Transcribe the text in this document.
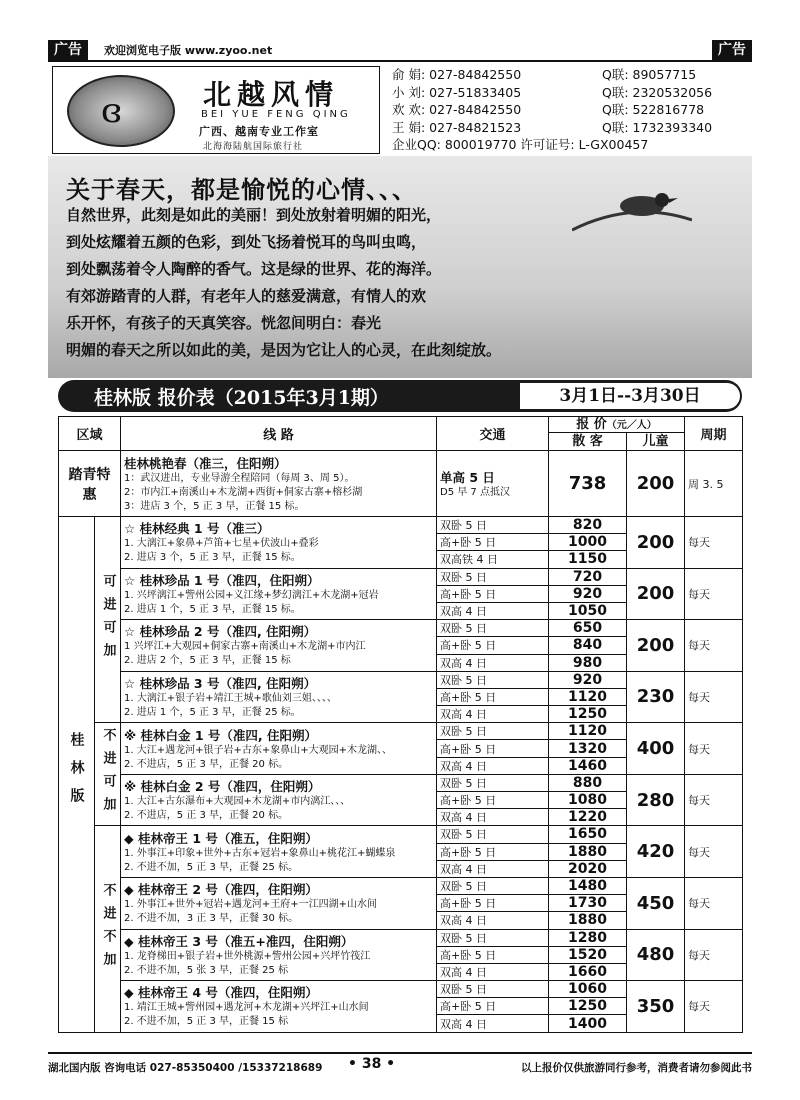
广告	欢迎浏览电子版 www.zyoo.net	广告
ɞ	北越风情
BEI YUE FENG QING
广西、越南专业工作室
北海海陆航国际旅行社
俞 娟: 027-84842550	Q联: 89057715
小 刘: 027-51833405	Q联: 2320532056
欢 欢: 027-84842550	Q联: 522816778
王 娟: 027-84821523	Q联: 1732393340
企业QQ: 800019770 许可证号: L-GX00457
关于春天，都是愉悦的心情、、、
自然世界，此刻是如此的美丽！到处放射着明媚的阳光，
到处炫耀着五颜的色彩，到处飞扬着悦耳的鸟叫虫鸣，
到处飘荡着令人陶醉的香气。这是绿的世界、花的海洋。
有郊游踏青的人群，有老年人的慈爱满意，有情人的欢
乐开怀，有孩子的天真笑容。恍忽间明白：春光
明媚的春天之所以如此的美，是因为它让人的心灵，在此刻绽放。
桂林版 报价表（2015年3月1期）	3月1日--3月30日
区域		线 路	交通	报 价（元／人）
散 客 儿童		周期
踏青特惠		桂林桃艳春（准三，住阳朔）
1：武汉进出，专业导游全程陪同（每周 3、周 5）。
2：市内江+南溪山+木龙湖+西街+侗家古寨+榕杉湖
3：进店 3 个，5 正 3 早，正餐 15 标。	单高 5 日
D5 早 7 点抵汉	738	200	周 3. 5
桂林版	可进可加	☆ 桂林经典 1 号（准三）
1. 大漓江+象鼻+芦笛+七星+伏波山+叠彩
2. 进店 3 个，5 正 3 早，正餐 15 标。	双卧 5 日	820	200	每天
			高+卧 5 日	1000		
			双高铁 4 日	1150		

		☆ 桂林珍品 1 号（准四，住阳朔）
1. 兴坪漓江+訾州公园+义江缘+梦幻漓江+木龙湖+冠岩
2. 进店 1 个，5 正 3 早，正餐 15 标。	双卧 5 日	720	200	每天
			高+卧 5 日	920		
			双高 4 日	1050		

		☆ 桂林珍品 2 号（准四, 住阳朔）
1 兴坪江+大观园+侗家古寨+南溪山+木龙湖+市内江
2. 进店 2 个，5 正 3 早，正餐 15 标	双卧 5 日	650	200	每天
			高+卧 5 日	840		
			双高 4 日	980		

		☆ 桂林珍品 3 号（准四, 住阳朔）
1. 大漓江+银子岩+靖江王城+歌仙刘三姐、、、、
2. 进店 1 个，5 正 3 早，正餐 25 标。	双卧 5 日	920	230	每天
			高+卧 5 日	1120		
			双高 4 日	1250		
	不进可加	※ 桂林白金 1 号（准四, 住阳朔）
1. 大江+遇龙河+银子岩+古东+象鼻山+大观园+木龙湖、、
2. 不进店，5 正 3 早，正餐 20 标。	双卧 5 日	1120	400	每天
			高+卧 5 日	1320		
			双高 4 日	1460		

		※ 桂林白金 2 号（准四，住阳朔）
1. 大江+古东瀑布+大观园+木龙湖+市内漓江、、、
2. 不进店，5 正 3 早，正餐 20 标。	双卧 5 日	880	280	每天
			高+卧 5 日	1080		
			双高 4 日	1220		
	不进不加	◆ 桂林帝王 1 号（准五，住阳朔）
1. 外事江+印象+世外+古东+冠岩+象鼻山+桃花江+蝴蝶泉
2. 不进不加，5 正 3 早，正餐 25 标。	双卧 5 日	1650	420	每天
			高+卧 5 日	1880		
			双高 4 日	2020		

		◆ 桂林帝王 2 号（准四，住阳朔）
1. 外事江+世外+冠岩+遇龙河+王府+一江四湖+山水间
2. 不进不加，3 正 3 早，正餐 30 标。	双卧 5 日	1480	450	每天
			高+卧 5 日	1730		
			双高 4 日	1880		

		◆ 桂林帝王 3 号（准五+准四，住阳朔）
1. 龙脊梯田+银子岩+世外桃源+訾州公园+兴坪竹筏江
2. 不进不加，5 张 3 早，正餐 25 标	双卧 5 日	1280	480	每天
			高+卧 5 日	1520		
			双高 4 日	1660		

		◆ 桂林帝王 4 号（准四，住阳朔）
1. 靖江王城+訾州园+遇龙河+木龙湖+兴坪江+山水间
2. 不进不加，5 正 3 早，正餐 15 标	双卧 5 日	1060	350	每天
			高+卧 5 日	1250		
			双高 4 日	1400		
湖北国内版 咨询电话 027-85350400 /15337218689 • 38 •	以上报价仅供旅游同行参考，消费者请勿参阅此书
